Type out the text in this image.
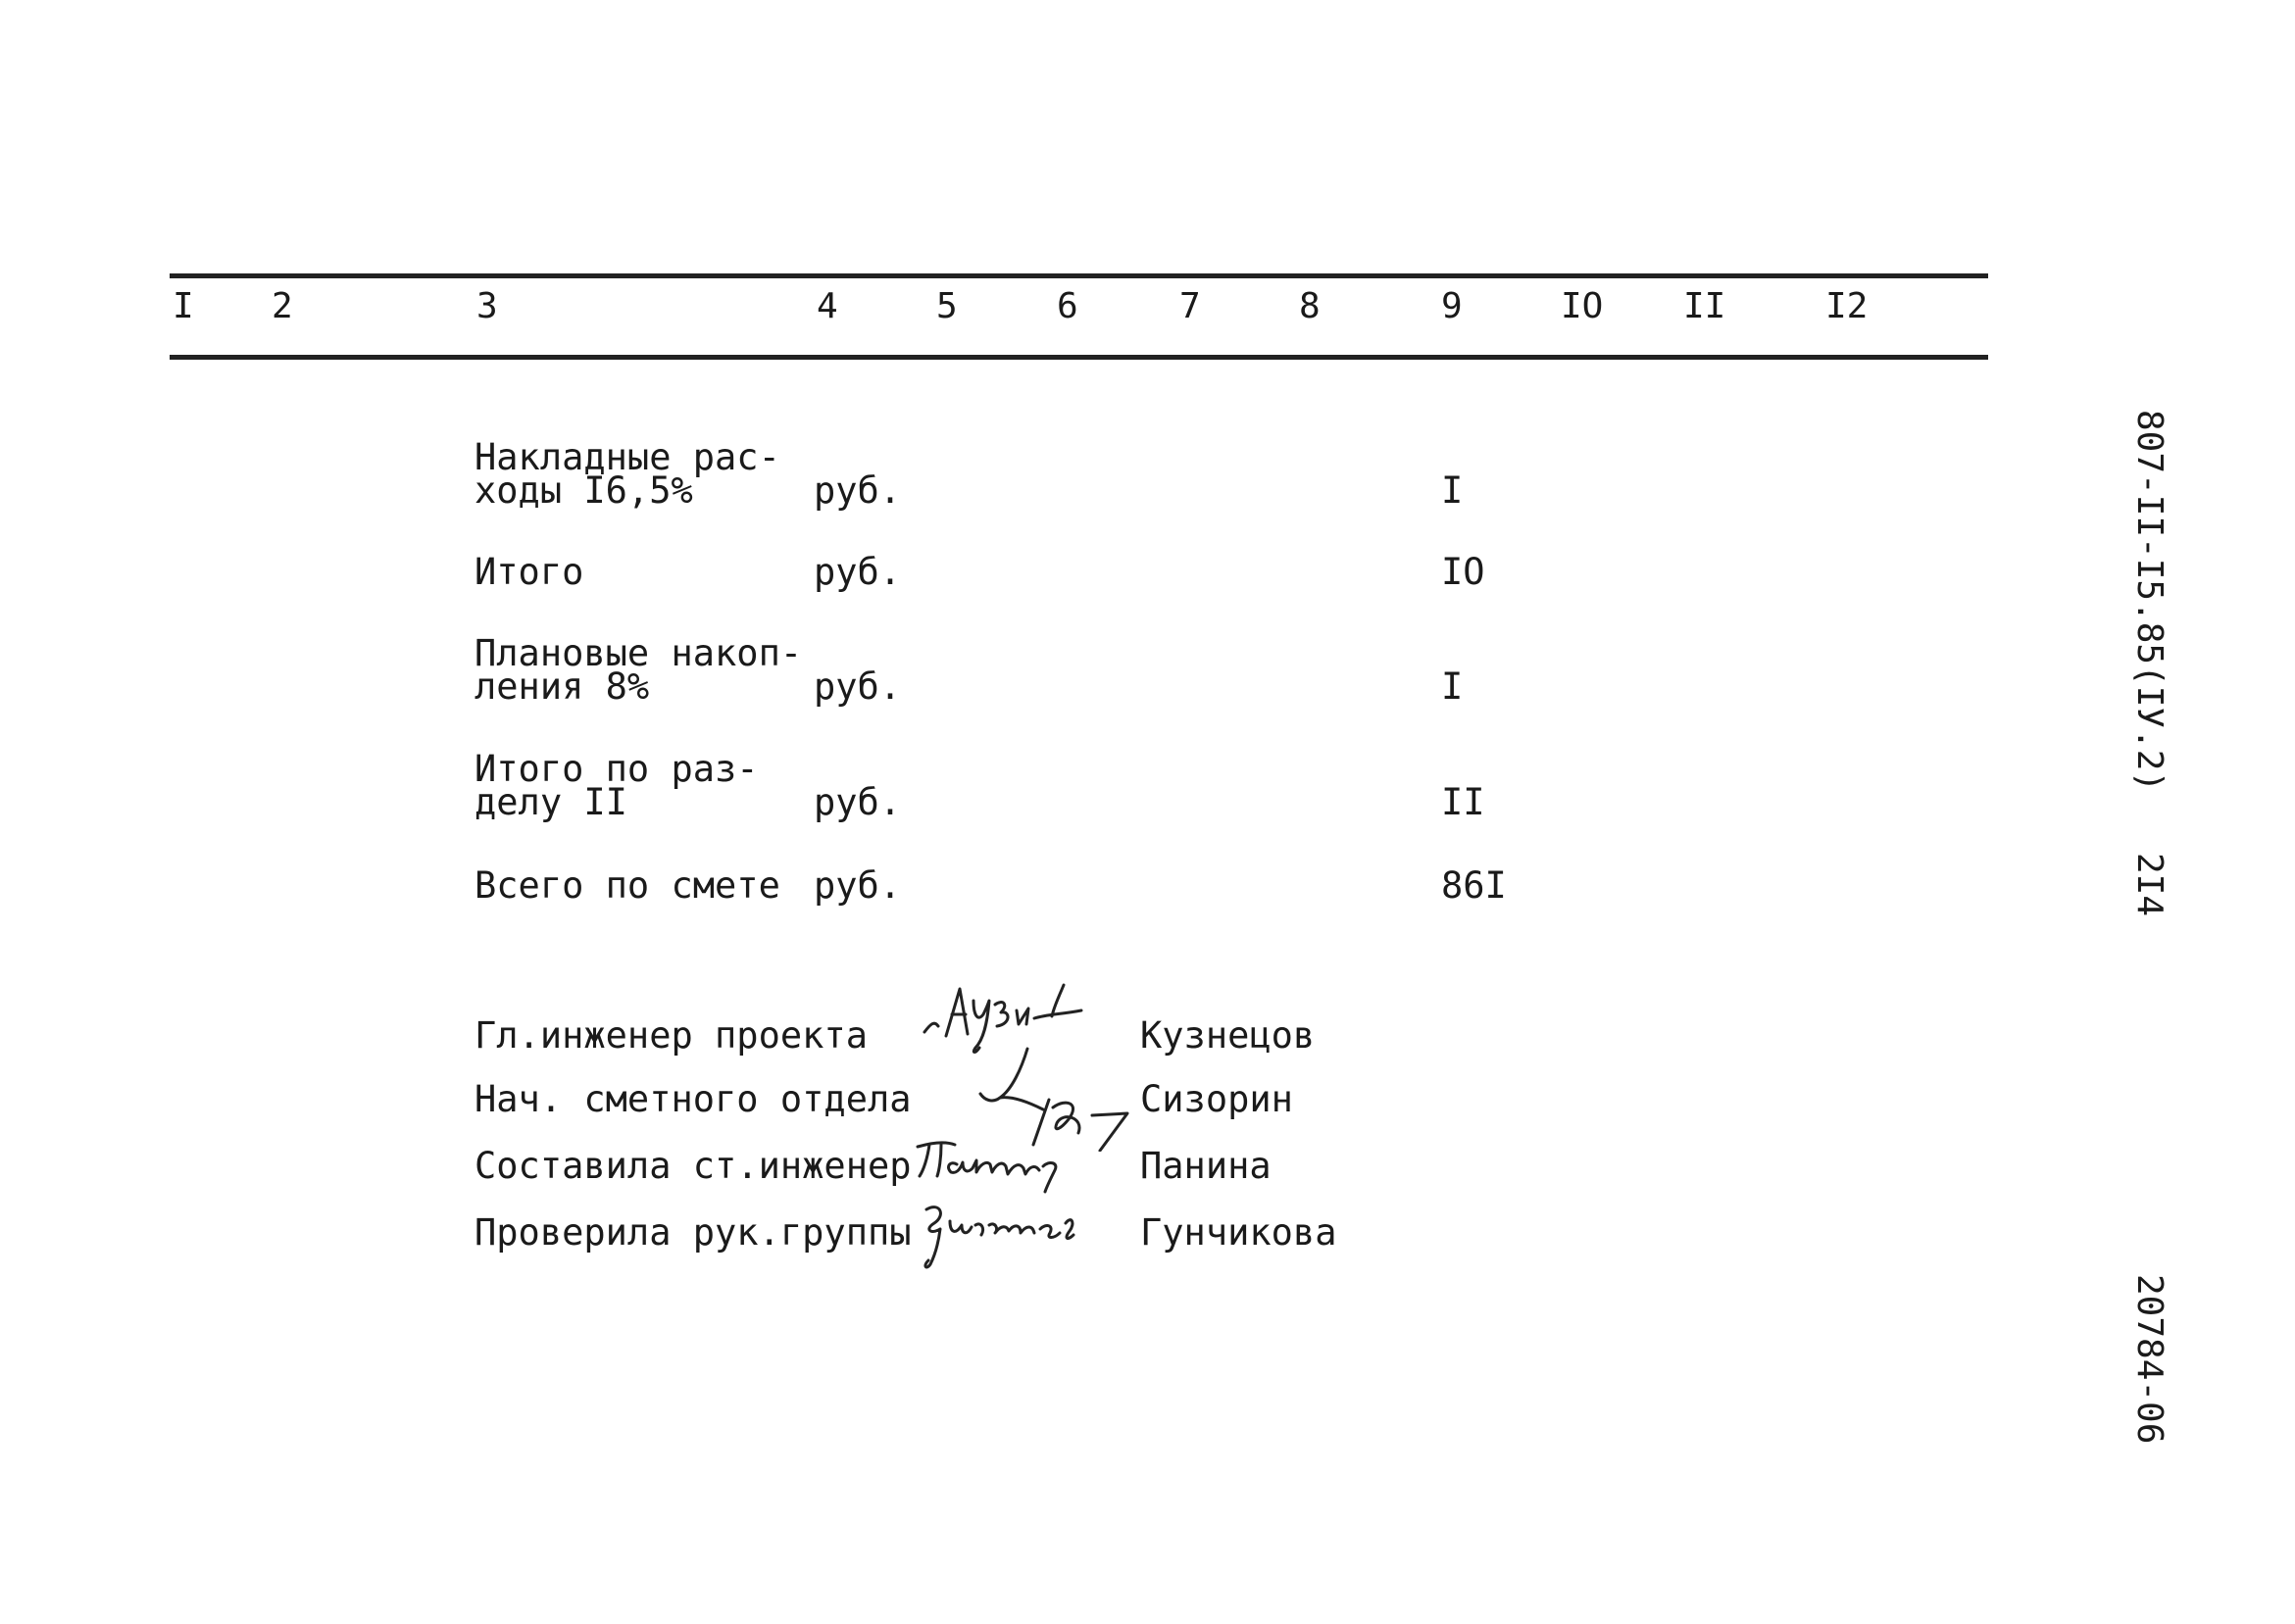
I 2	3	4	5	6	7	8	9	IO II	I2
Накладные рас-
ходы I6,5%	руб.	I
Итого	руб.	IO
Плановые накоп-
ления 8%	руб.	I
Итого по раз-
делу II	руб.	II
Всего по смете руб.	86I
Гл.инженер проекта	Кузнецов
Нач. сметного отдела	Сизорин
Составила ст.инженер	Панина
Проверила рук.группы	Гунчикова
807-II-I5.85(IУ.2)
2I4
20784-06
